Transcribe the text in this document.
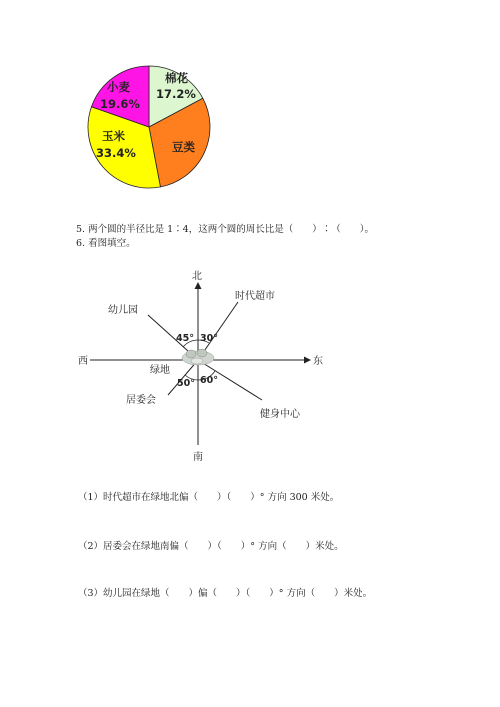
棉花
17.2%
豆类
玉米
33.4%
小麦
19.6%
5. 两个圆的半径比是 1∶4，这两个圆的周长比是（　　）∶（　　）。
6. 看图填空。
北
南
东
西
绿地
时代超市
幼儿园
居委会
健身中心
45° 30°
50° 60°
（1）时代超市在绿地北偏（　　）（　　）° 方向 300 米处。
（2）居委会在绿地南偏（　　）（　　）° 方向（　　）米处。
（3）幼儿园在绿地（　　）偏（　　）（　　）° 方向（　　）米处。
